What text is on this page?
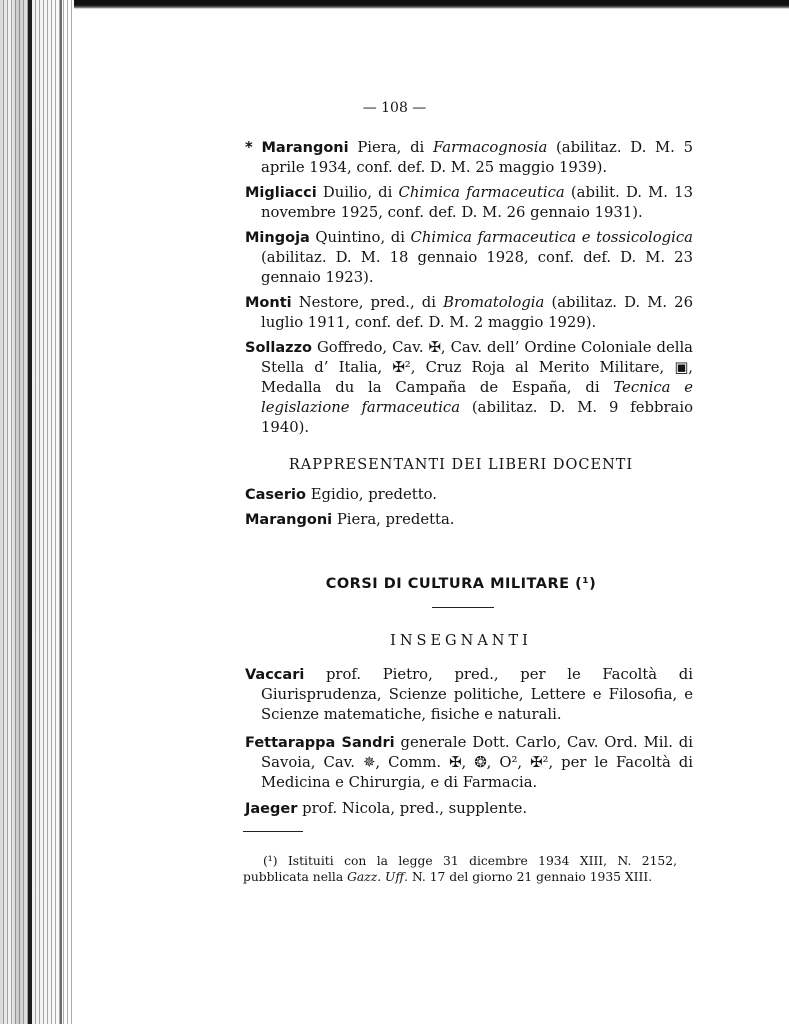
— 108 —
* Marangoni Piera, di Farmacognosia (abilitaz. D. M. 5 aprile 1934, conf. def. D. M. 25 maggio 1939).
Migliacci Duilio, di Chimica farmaceutica (abilit. D. M. 13 novembre 1925, conf. def. D. M. 26 gennaio 1931).
Mingoja Quintino, di Chimica farmaceutica e tossicologica (abilitaz. D. M. 18 gennaio 1928, conf. def. D. M. 23 gennaio 1923).
Monti Nestore, pred., di Bromatologia (abilitaz. D. M. 26 luglio 1911, conf. def. D. M. 2 maggio 1929).
Sollazzo Goffredo, Cav. ✠, Cav. dell’ Ordine Coloniale della Stella d’ Italia, ✠², Cruz Roja al Merito Militare, ▣, Medalla du la Campaña de España, di Tecnica e legislazione farmaceutica (abilitaz. D. M. 9 febbraio 1940).
RAPPRESENTANTI DEI LIBERI DOCENTI
Caserio Egidio, predetto.
Marangoni Piera, predetta.
CORSI DI CULTURA MILITARE (¹)
INSEGNANTI
Vaccari prof. Pietro, pred., per le Facoltà di Giurisprudenza, Scienze politiche, Lettere e Filosofia, e Scienze matematiche, fisiche e naturali.
Fettarappa Sandri generale Dott. Carlo, Cav. Ord. Mil. di Savoia, Cav. ✵, Comm. ✠, ❂, O², ✠², per le Facoltà di Medicina e Chirurgia, e di Farmacia.
Jaeger prof. Nicola, pred., supplente.
(¹) Istituiti con la legge 31 dicembre 1934 XIII, N. 2152, pubblicata nella Gazz. Uff. N. 17 del giorno 21 gennaio 1935 XIII.
